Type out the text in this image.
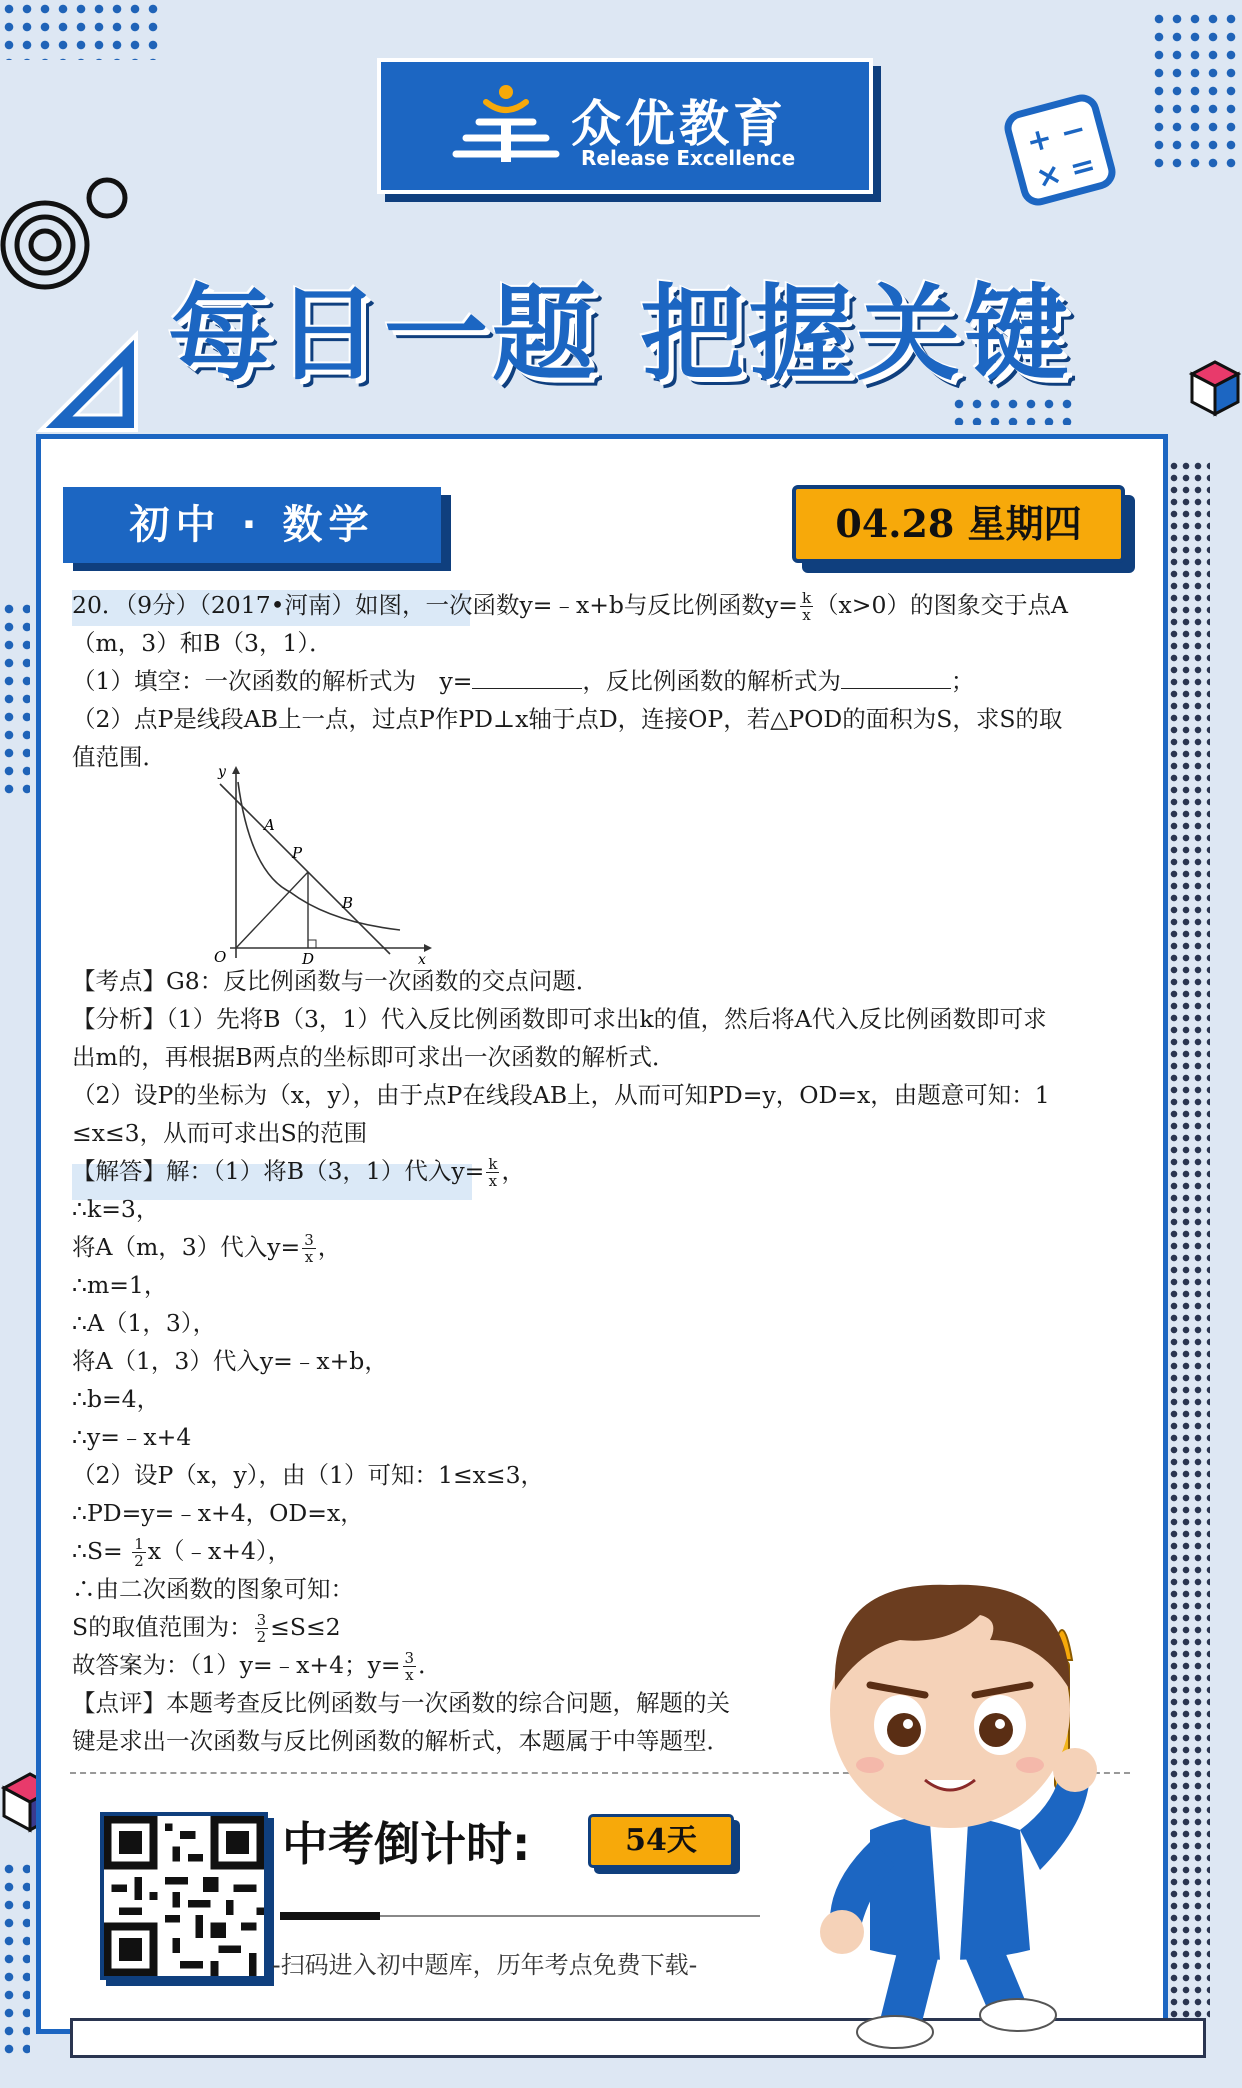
+ −
× =
众优教育
Release Excellence
每日一题 把握关键
初中 · 数学	04.28 星期四

20．（9分）（2017•河南）如图，一次函数y=﹣x+b与反比例函数$y= \frac{k}{x} (x>0)$的图象交于点A

（m，3）和B（3，1）．

（1）填空：一次函数的解析式为　y=	，反比例函数的解析式为	；

（2）点P是线段AB上一点，过点P作PD⊥x轴于点D，连接OP，若△POD的面积为S，求S的取

值范围．

【考点】G8：反比例函数与一次函数的交点问题．

【分析】（1）先将B（3，1）代入反比例函数即可求出k的值，然后将A代入反比例函数即可求

出m的，再根据B两点的坐标即可求出一次函数的解析式．

（2）设P的坐标为（x，y），由于点P在线段AB上，从而可知PD=y，OD=x，由题意可知：1

≤x≤3，从而可求出S的范围

【解答】解：（1）将B（3，1）代入$y= \frac{k}{x}$ ，

∴k=3，

将A（m，3）代入$y= \frac{3}{x}$ ，

∴m=1，

∴A（1，3），

将A（1，3）代入y=﹣x+b，

∴b=4，

∴y=﹣x+4

（2）设P（x，y），由（1）可知：1≤x≤3，

∴PD=y=﹣x+4，OD=x，

∴S= $\frac{1}{2}$ x（﹣x+4），

∴由二次函数的图象可知：

S的取值范围为： $\frac{3}{2} \le S\le 2$

故答案为：（1）y=﹣x+4；$y= \frac{3}{x}$ ．

【点评】本题考查反比例函数与一次函数的综合问题，解题的关

键是求出一次函数与反比例函数的解析式，本题属于中等题型．

y
x
O
A
P
B
D
中考倒计时:	54天
-扫码进入初中题库，历年考点免费下载-
